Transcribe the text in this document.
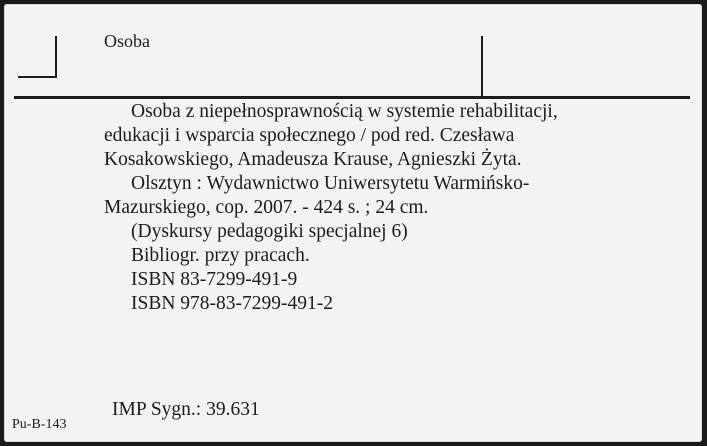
Osoba
Osoba z niepełnosprawnością w systemie rehabilitacji,
edukacji i wsparcia społecznego / pod red. Czesława
Kosakowskiego, Amadeusza Krause, Agnieszki Żyta.
Olsztyn : Wydawnictwo Uniwersytetu Warmińsko-
Mazurskiego, cop. 2007. - 424 s. ; 24 cm.
(Dyskursy pedagogiki specjalnej 6)
Bibliogr. przy pracach.
ISBN 83-7299-491-9
ISBN 978-83-7299-491-2
IMP Sygn.: 39.631
Pu-B-143
